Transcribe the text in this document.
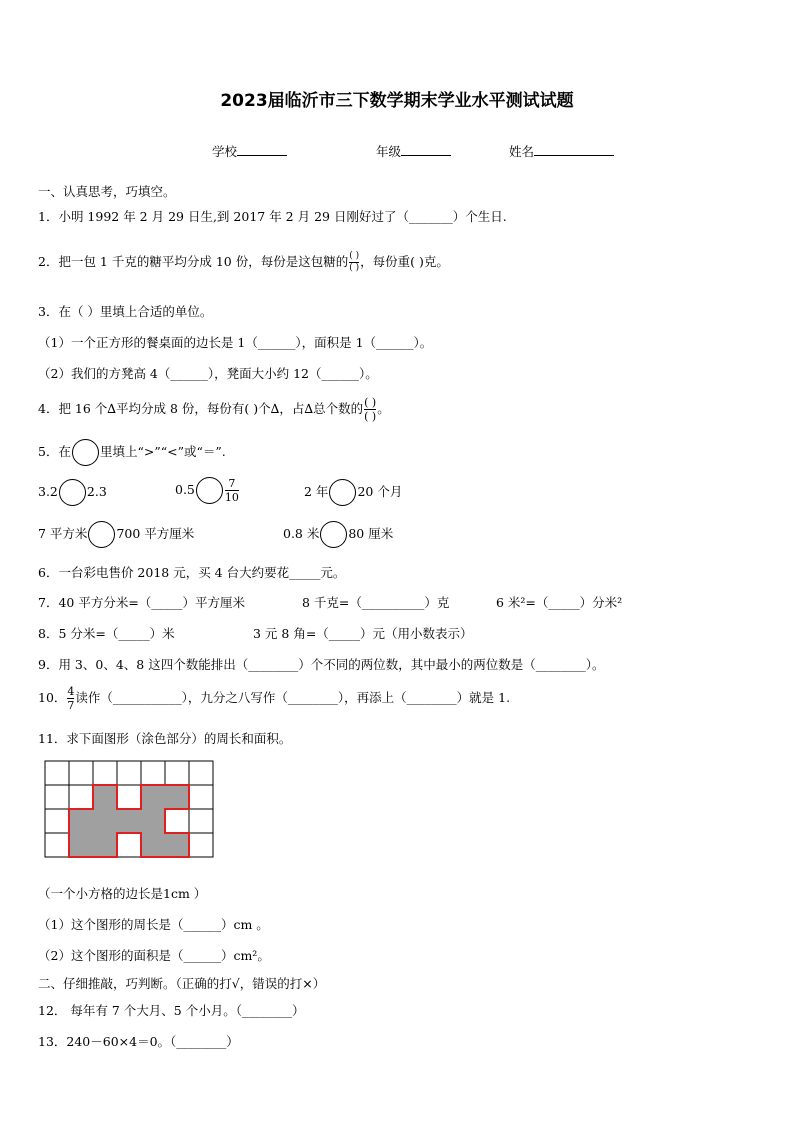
2023届临沂市三下数学期末学业水平测试试题
学校	年级	姓名
一、认真思考，巧填空。
1．小明 1992 年 2 月 29 日生,到 2017 年 2 月 29 日刚好过了（_______）个生日.
2．把一包 1 千克的糖平均分成 10 份，每份是这包糖的 $\frac{( )}{( )}$ ，每份重( )克。
3．在（ ）里填上合适的单位。
（1）一个正方形的餐桌面的边长是 1（______），面积是 1（______）。
（2）我们的方凳高 4（______），凳面大小约 12（______）。
4．把 16 个∆平均分成 8 份，每份有( )个∆，占∆总个数的 $\frac{( )}{( )}$ 。
5．在 里填上“>”“<”或“＝”.
3.2 2.3	0.5	$\frac{7}{10}$	2 年 20 个月
7 平方米 700 平方厘米	0.8 米 80 厘米
6．一台彩电售价 2018 元，买 4 台大约要花_____元。
7．40 平方分米=（_____）平方厘米	8 千克=（__________）克	6 米²=（_____）分米²
8．5 分米=（_____）米	3 元 8 角=（_____）元（用小数表示）
9．用 3、0、4、8 这四个数能排出（________）个不同的两位数，其中最小的两位数是（________）。
10． $\frac{4}{7}$ 读作（___________），九分之八写作（________），再添上（________）就是 1.
11．求下面图形（涂色部分）的周长和面积。
（一个小方格的边长是1cm ）
（1）这个图形的周长是（______）cm 。
（2）这个图形的面积是（______）cm²。
二、仔细推敲，巧判断。（正确的打√，错误的打×）
12． 每年有 7 个大月、5 个小月。（________）
13．240－60×4＝0。（________）
